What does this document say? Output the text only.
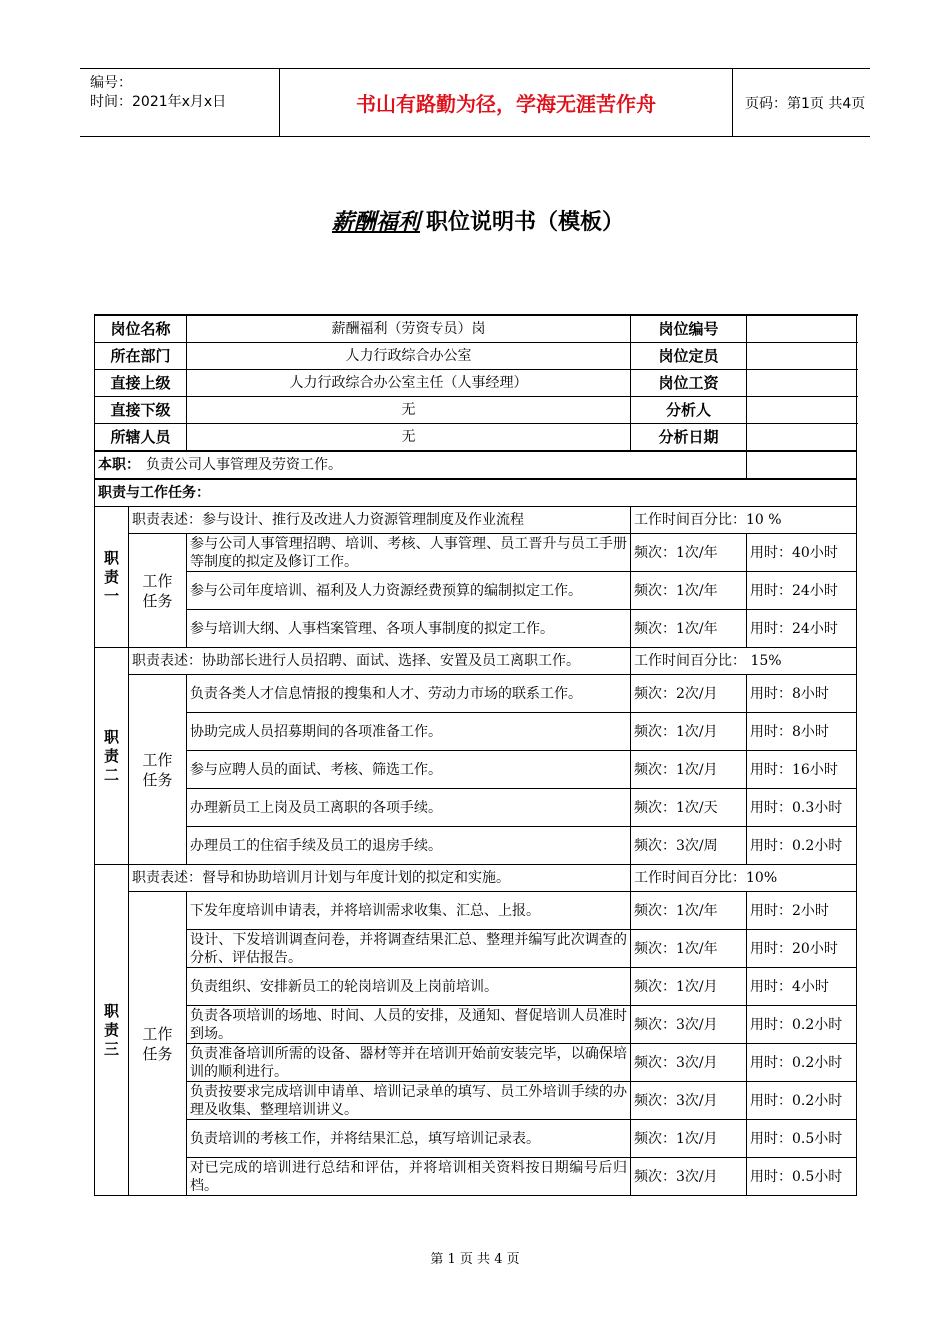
编号：
时间：2021年x月x日	书山有路勤为径，学海无涯苦作舟	页码：第1页 共4页
薪酬福利 职位说明书（模板）
岗位名称		薪酬福利（劳资专员）岗	岗位编号	
所在部门		人力行政综合办公室	岗位定员	
直接上级		人力行政综合办公室主任（人事经理）	岗位工资	
直接下级		无	分析人	
所辖人员		无	分析日期	
本职： 负责公司人事管理及劳资工作。				
职责与工作任务：				
职
责
一	职责表述：参与设计、推行及改进人力资源管理制度及作业流程		工作时间百分比：10 %	
	工作
任务	参与公司人事管理招聘、培训、考核、人事管理、员工晋升与员工手册等制度的拟定及修订工作。	频次：1次/年	用时：40小时
		参与公司年度培训、福利及人力资源经费预算的编制拟定工作。	频次：1次/年	用时：24小时
		参与培训大纲、人事档案管理、各项人事制度的拟定工作。	频次：1次/年	用时：24小时
职
责
二	职责表述：协助部长进行人员招聘、面试、选择、安置及员工离职工作。		工作时间百分比： 15%	
	工作
任务	负责各类人才信息情报的搜集和人才、劳动力市场的联系工作。	频次：2次/月	用时：8小时
		协助完成人员招募期间的各项准备工作。	频次：1次/月	用时：8小时
		参与应聘人员的面试、考核、筛选工作。	频次：1次/月	用时：16小时
		办理新员工上岗及员工离职的各项手续。	频次：1次/天	用时：0.3小时
		办理员工的住宿手续及员工的退房手续。	频次：3次/周	用时：0.2小时
职
责
三	职责表述：督导和协助培训月计划与年度计划的拟定和实施。		工作时间百分比：10%	
	工作
任务	下发年度培训申请表，并将培训需求收集、汇总、上报。	频次：1次/年	用时：2小时
		设计、下发培训调查问卷，并将调查结果汇总、整理并编写此次调查的分析、评估报告。	频次：1次/年	用时：20小时
		负责组织、安排新员工的轮岗培训及上岗前培训。	频次：1次/月	用时：4小时
		负责各项培训的场地、时间、人员的安排，及通知、督促培训人员准时到场。	频次：3次/月	用时：0.2小时
		负责准备培训所需的设备、器材等并在培训开始前安装完毕，以确保培训的顺利进行。	频次：3次/月	用时：0.2小时
		负责按要求完成培训申请单、培训记录单的填写、员工外培训手续的办理及收集、整理培训讲义。	频次：3次/月	用时：0.2小时
		负责培训的考核工作，并将结果汇总，填写培训记录表。	频次：1次/月	用时：0.5小时
		对已完成的培训进行总结和评估，并将培训相关资料按日期编号后归档。	频次：3次/月	用时：0.5小时
第 1 页 共 4 页
